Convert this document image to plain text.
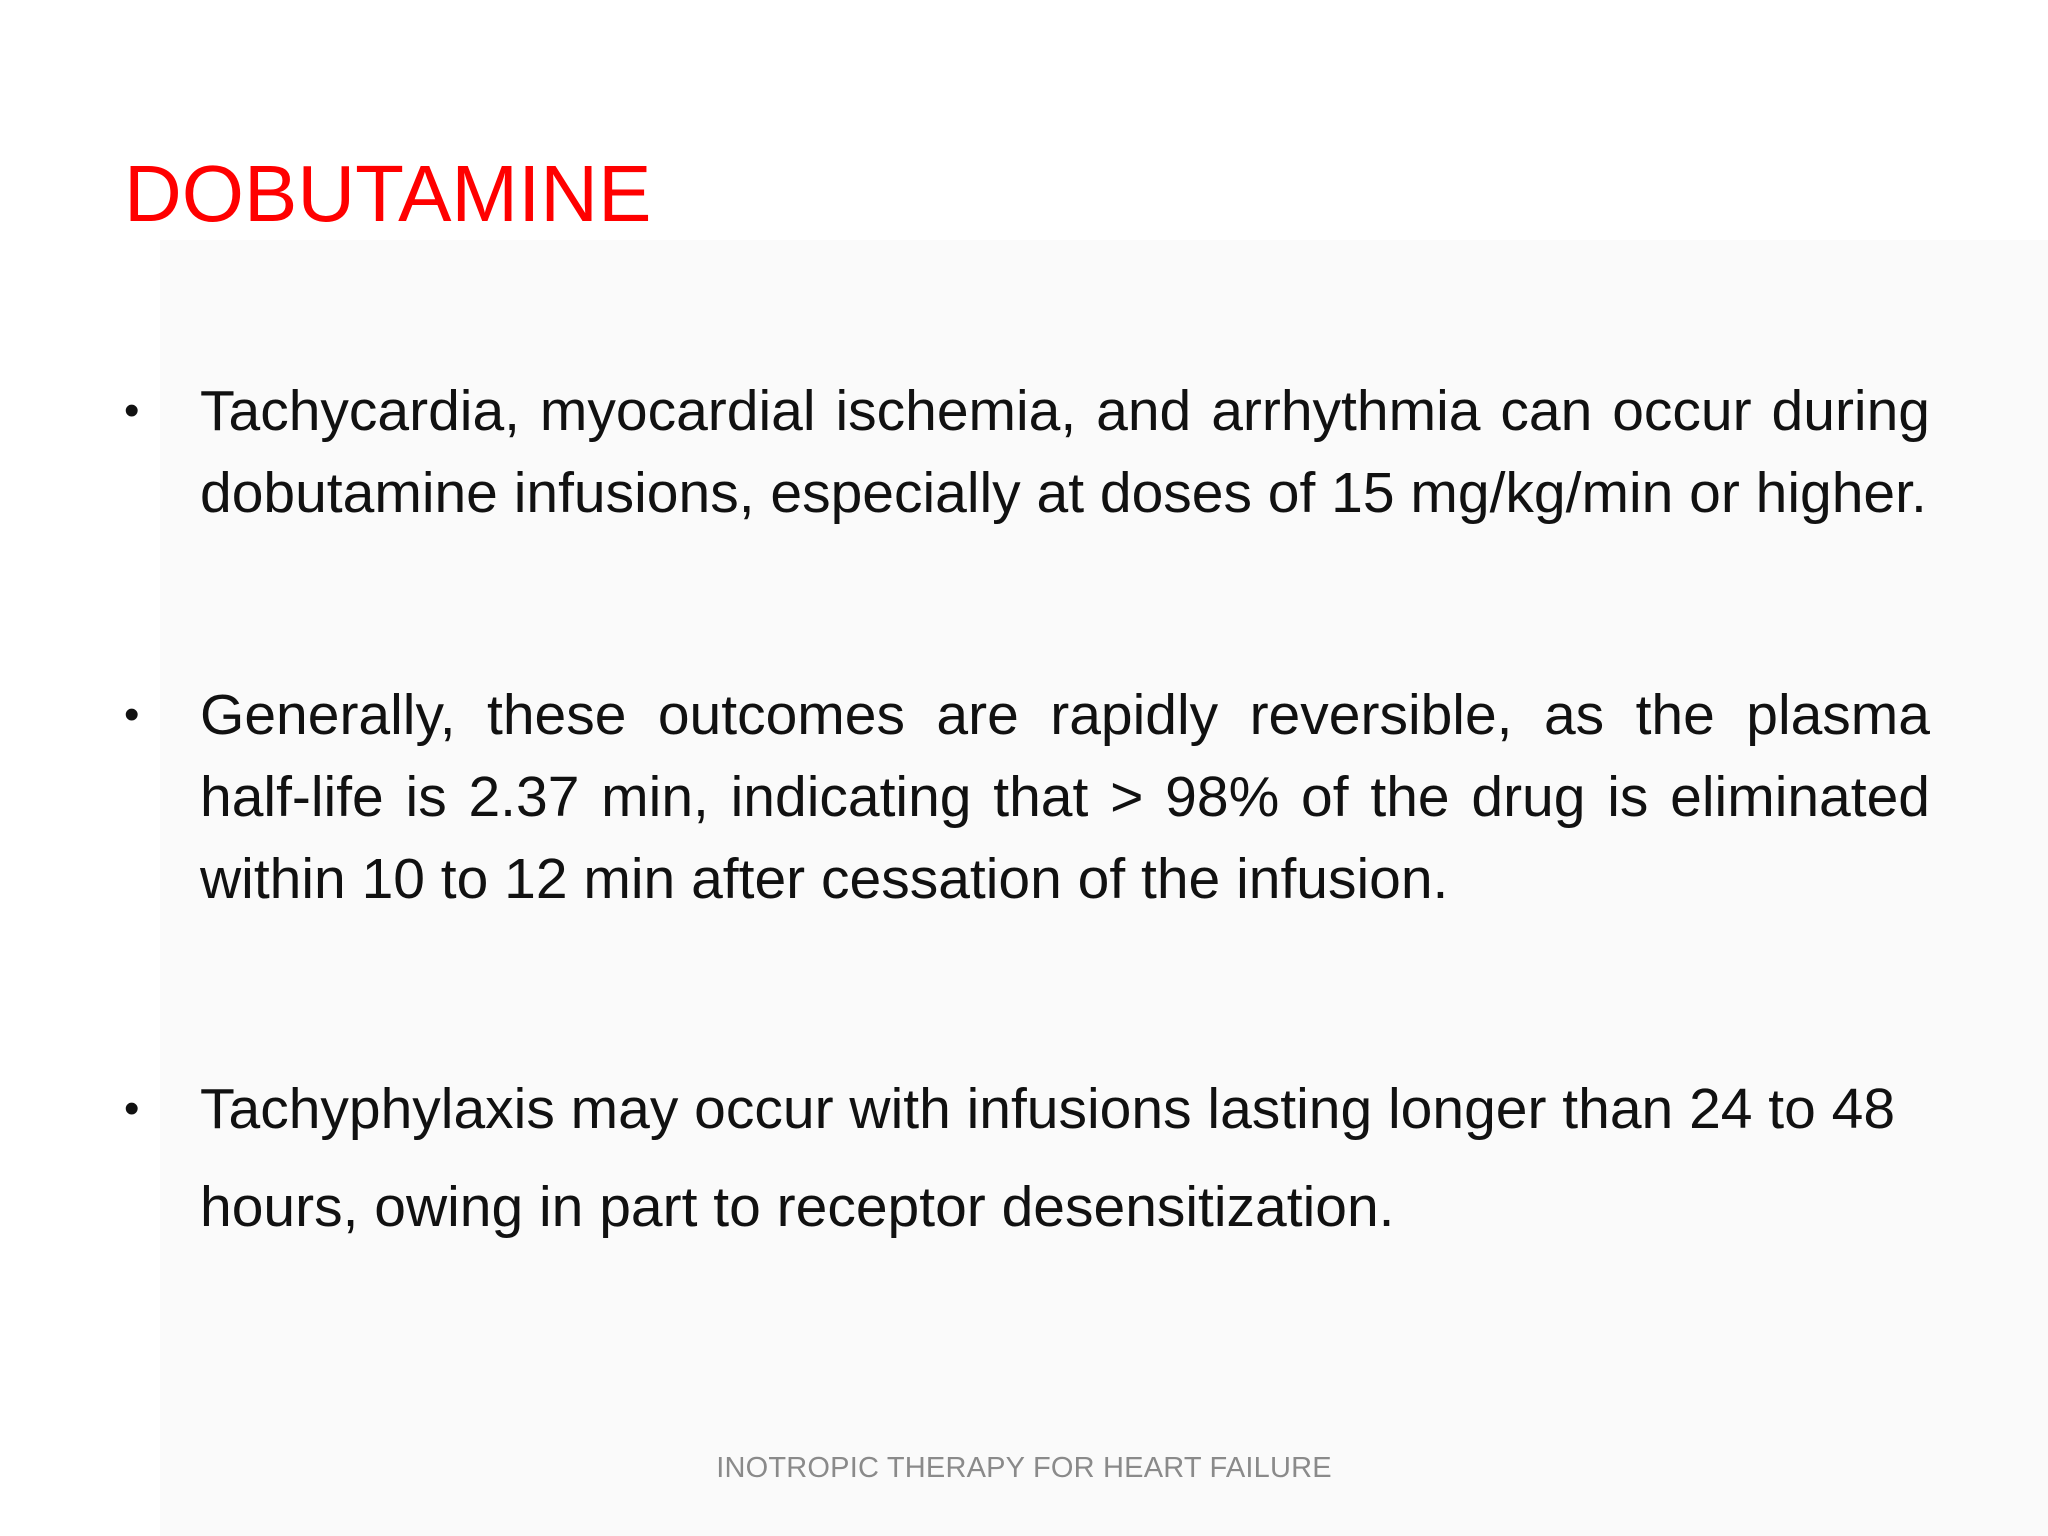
DOBUTAMINE
• Tachycardia, myocardial ischemia, and arrhythmia can occur during dobutamine infusions, especially at doses of 15 mg/kg/min or higher.
• Generally, these outcomes are rapidly reversible, as the plasma half-life is 2.37 min, indicating that > 98% of the drug is eliminated within 10 to 12 min after cessation of the infusion.
• Tachyphylaxis may occur with infusions lasting longer than 24 to 48 hours, owing in part to receptor desensitization.
INOTROPIC THERAPY FOR HEART FAILURE
